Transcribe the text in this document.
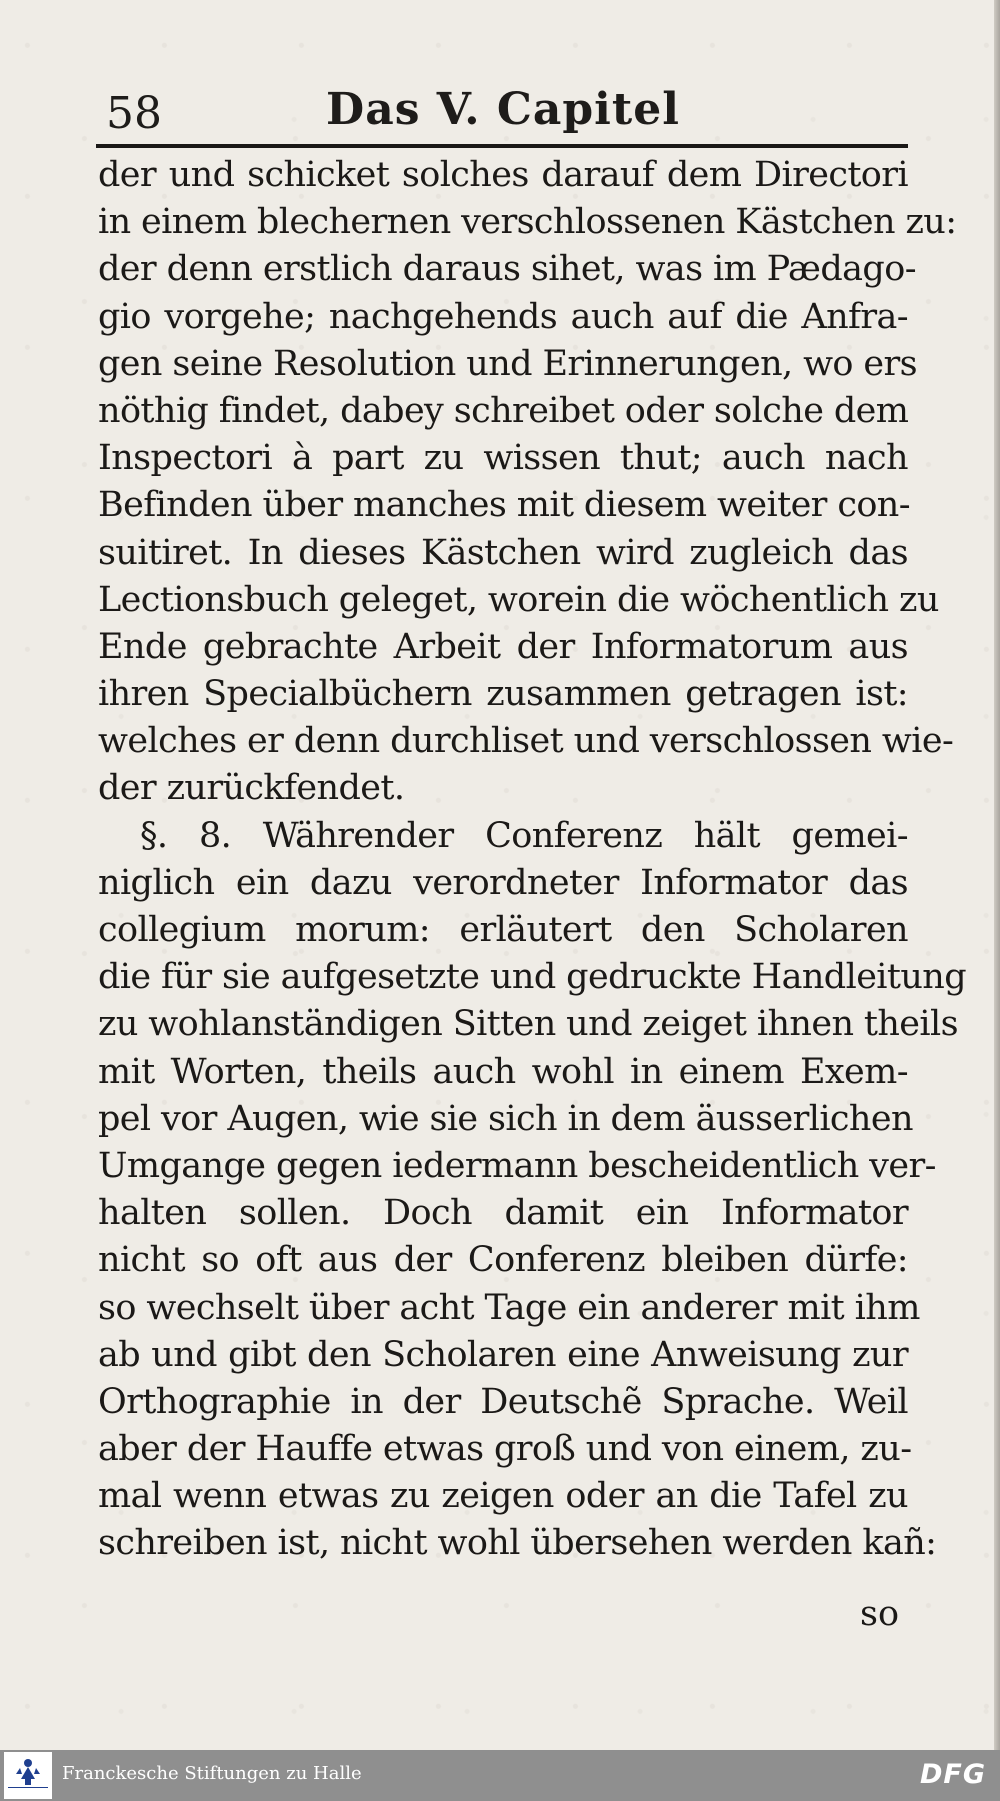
58	Das V. Capitel
der und schicket solches darauf dem Directori
in einem blechernen verschlossenen Kästchen zu:
der denn erstlich daraus sihet, was im Pædago-
gio vorgehe; nachgehends auch auf die Anfra-
gen seine Resolution und Erinnerungen, wo ers
nöthig findet, dabey schreibet oder solche dem
Inspectori à part zu wissen thut; auch nach
Befinden über manches mit diesem weiter con-
suitiret. In dieses Kästchen wird zugleich das
Lectionsbuch geleget, worein die wöchentlich zu
Ende gebrachte Arbeit der Informatorum aus
ihren Specialbüchern zusammen getragen ist:
welches er denn durchliset und verschlossen wie-
der zurückfendet.
§. 8. Währender Conferenz hält gemei-
niglich ein dazu verordneter Informator das
collegium morum: erläutert den Scholaren
die für sie aufgesetzte und gedruckte Handleitung
zu wohlanständigen Sitten und zeiget ihnen theils
mit Worten, theils auch wohl in einem Exem-
pel vor Augen, wie sie sich in dem äusserlichen
Umgange gegen iedermann bescheidentlich ver-
halten sollen. Doch damit ein Informator
nicht so oft aus der Conferenz bleiben dürfe:
so wechselt über acht Tage ein anderer mit ihm
ab und gibt den Scholaren eine Anweisung zur
Orthographie in der Deutschẽ Sprache. Weil
aber der Hauffe etwas groß und von einem, zu-
mal wenn etwas zu zeigen oder an die Tafel zu
schreiben ist, nicht wohl übersehen werden kañ:
so
Franckesche Stiftungen zu Halle	DFG
